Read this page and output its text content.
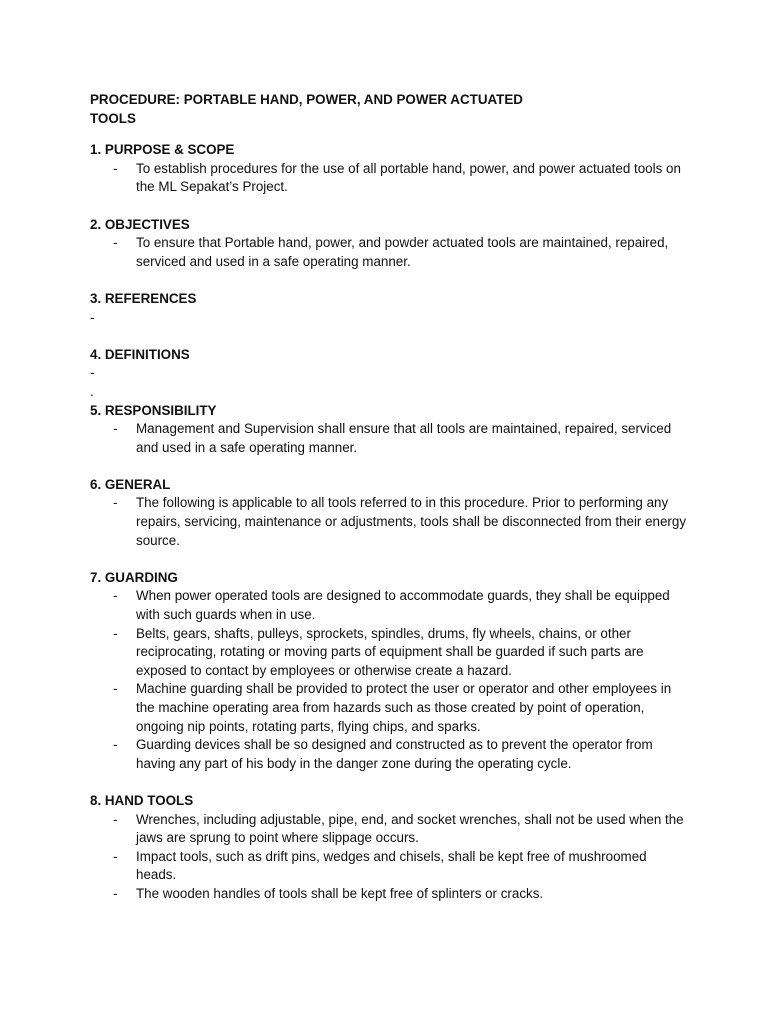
PROCEDURE: PORTABLE HAND, POWER, AND POWER ACTUATED
TOOLS
1. PURPOSE & SCOPE
- To establish procedures for the use of all portable hand, power, and power actuated tools on the ML Sepakat’s Project.
2. OBJECTIVES
- To ensure that Portable hand, power, and powder actuated tools are maintained, repaired, serviced and used in a safe operating manner.
3. REFERENCES
-
4. DEFINITIONS
-
.
5. RESPONSIBILITY
- Management and Supervision shall ensure that all tools are maintained, repaired, serviced and used in a safe operating manner.
6. GENERAL
- The following is applicable to all tools referred to in this procedure. Prior to performing any repairs, servicing, maintenance or adjustments, tools shall be disconnected from their energy source.
7. GUARDING
- When power operated tools are designed to accommodate guards, they shall be equipped with such guards when in use.
- Belts, gears, shafts, pulleys, sprockets, spindles, drums, fly wheels, chains, or other reciprocating, rotating or moving parts of equipment shall be guarded if such parts are exposed to contact by employees or otherwise create a hazard.
- Machine guarding shall be provided to protect the user or operator and other employees in the machine operating area from hazards such as those created by point of operation, ongoing nip points, rotating parts, flying chips, and sparks.
- Guarding devices shall be so designed and constructed as to prevent the operator from having any part of his body in the danger zone during the operating cycle.
8. HAND TOOLS
- Wrenches, including adjustable, pipe, end, and socket wrenches, shall not be used when the jaws are sprung to point where slippage occurs.
- Impact tools, such as drift pins, wedges and chisels, shall be kept free of mushroomed heads.
- The wooden handles of tools shall be kept free of splinters or cracks.
